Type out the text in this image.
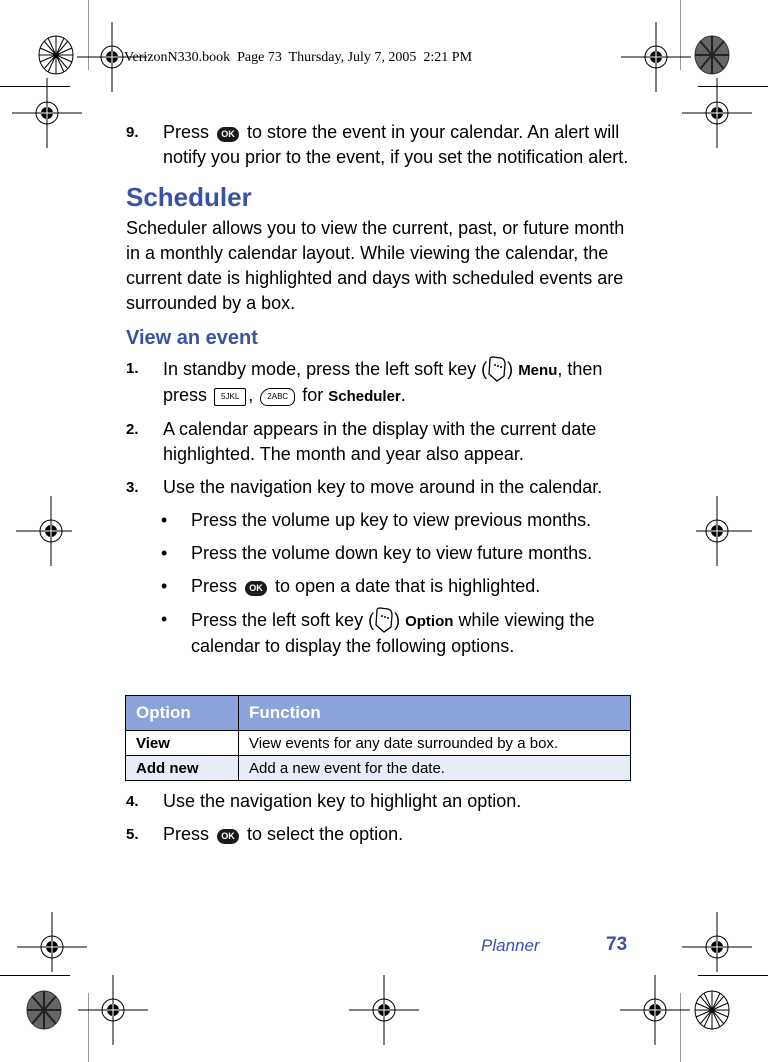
VerizonN330.book  Page 73  Thursday, July 7, 2005  2:21 PM
9. Press OK to store the event in your calendar. An alert will notify you prior to the event, if you set the notification alert.
Scheduler
Scheduler allows you to view the current, past, or future month in a monthly calendar layout. While viewing the calendar, the current date is highlighted and days with scheduled events are surrounded by a box.
View an event
1. In standby mode, press the left soft key ( ) Menu, then press 5JKL , 2ABC for Scheduler.
2. A calendar appears in the display with the current date highlighted. The month and year also appear.
3. Use the navigation key to move around in the calendar.
• Press the volume up key to view previous months.
• Press the volume down key to view future months.
• Press OK to open a date that is highlighted.
• Press the left soft key ( ) Option while viewing the calendar to display the following options.
Option	Function
View	View events for any date surrounded by a box.
Add new	Add a new event for the date.
4. Use the navigation key to highlight an option.
5. Press OK to select the option.
Planner	73
